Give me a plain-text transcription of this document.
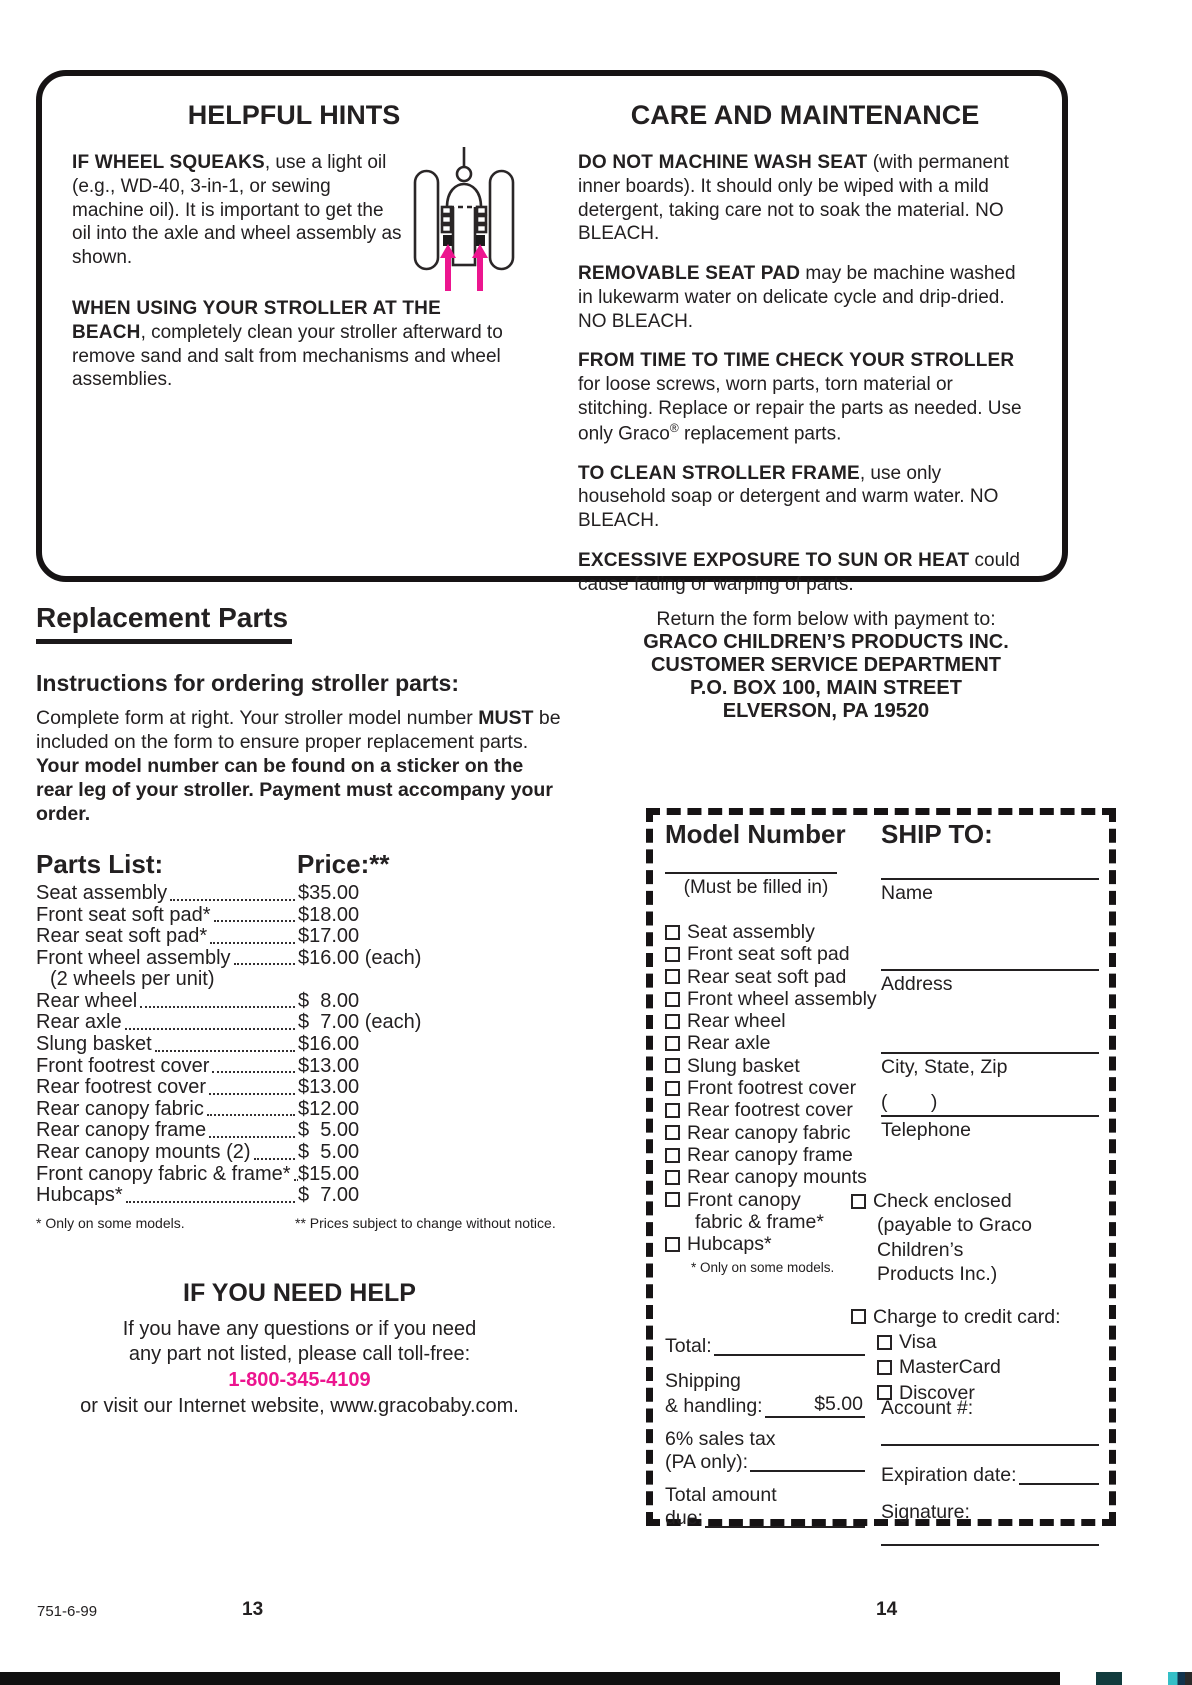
HELPFUL HINTS
IF WHEEL SQUEAKS, use a light oil (e.g., WD-40, 3-in-1, or sewing machine oil). It is important to get the oil into the axle and wheel assembly as shown.
WHEN USING YOUR STROLLER AT THE BEACH, completely clean your stroller afterward to remove sand and salt from mechanisms and wheel assemblies.
CARE AND MAINTENANCE
DO NOT MACHINE WASH SEAT (with permanent inner boards). It should only be wiped with a mild detergent, taking care not to soak the material. NO BLEACH.
REMOVABLE SEAT PAD may be machine washed in lukewarm water on delicate cycle and drip-dried. NO BLEACH.
FROM TIME TO TIME CHECK YOUR STROLLER for loose screws, worn parts, torn material or stitching. Replace or repair the parts as needed. Use only Graco® replacement parts.
TO CLEAN STROLLER FRAME, use only household soap or detergent and warm water. NO BLEACH.
EXCESSIVE EXPOSURE TO SUN OR HEAT could cause fading or warping of parts.
Replacement Parts
Instructions for ordering stroller parts:
Complete form at right. Your stroller model number MUST be included on the form to ensure proper replacement parts. Your model number can be found on a sticker on the rear leg of your stroller. Payment must accompany your order.
Parts List:	Price:**
Seat assembly	$35.00
Front seat soft pad*	$18.00
Rear seat soft pad*	$17.00
Front wheel assembly	$16.00 (each)
(2 wheels per unit)
Rear wheel	$  8.00
Rear axle	$  7.00 (each)
Slung basket	$16.00
Front footrest cover	$13.00
Rear footrest cover	$13.00
Rear canopy fabric	$12.00
Rear canopy frame	$  5.00
Rear canopy mounts (2) $  5.00
Front canopy fabric & frame* $15.00
Hubcaps*	$  7.00
* Only on some models.	** Prices subject to change without notice.
IF YOU NEED HELP
If you have any questions or if you need
any part not listed, please call toll-free:
1-800-345-4109
or visit our Internet website, www.gracobaby.com.
Return the form below with payment to:
GRACO CHILDREN’S PRODUCTS INC.
CUSTOMER SERVICE DEPARTMENT
P.O. BOX 100, MAIN STREET
ELVERSON, PA 19520
Model Number
(Must be filled in)
Seat assembly
Front seat soft pad
Rear seat soft pad
Front wheel assembly
Rear wheel
Rear axle
Slung basket
Front footrest cover
Rear footrest cover
Rear canopy fabric
Rear canopy frame
Rear canopy mounts
Front canopy
fabric & frame*
Hubcaps*
* Only on some models.
Total:
Shipping
& handling:	$5.00
6% sales tax
(PA only):
Total amount
due:
SHIP TO:
Name
Address
City, State, Zip
(        )
Telephone
Check enclosed
(payable to Graco Children’s
Products Inc.)
Charge to credit card:
Visa
MasterCard
Discover
Account #:
Expiration date:
Signature:
751-6-99	13	14
